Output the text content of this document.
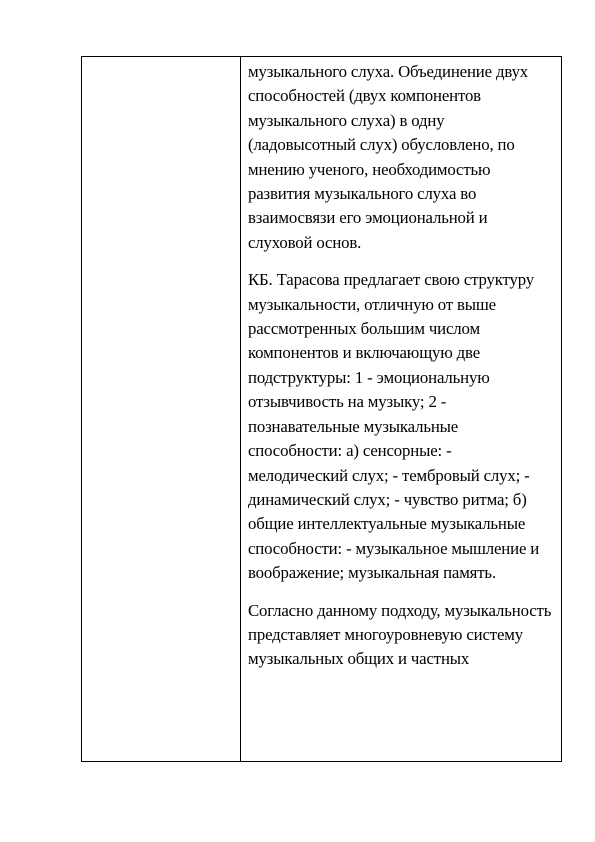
музыкального слуха. Объединение двух способностей (двух компонентов музыкального слуха) в одну (ладовысотный слух) обусловлено, по мнению ученого, необходимостью развития музыкального слуха во взаимосвязи его эмоциональной и слуховой основ.

КБ. Тарасова предлагает свою структуру музыкальности, отличную от выше рассмотренных большим числом компонентов и включающую две подструктуры: 1 - эмоциональную отзывчивость на музыку; 2 - познавательные музыкальные способности: а) сенсорные: - мелодический слух; - тембровый слух; - динамический слух; - чувство ритма; б) общие интеллектуальные музыкальные способности: - музыкальное мышление и воображение; музыкальная память.

Согласно данному подходу, музыкальность представляет многоуровневую систему музыкальных общих и частных
